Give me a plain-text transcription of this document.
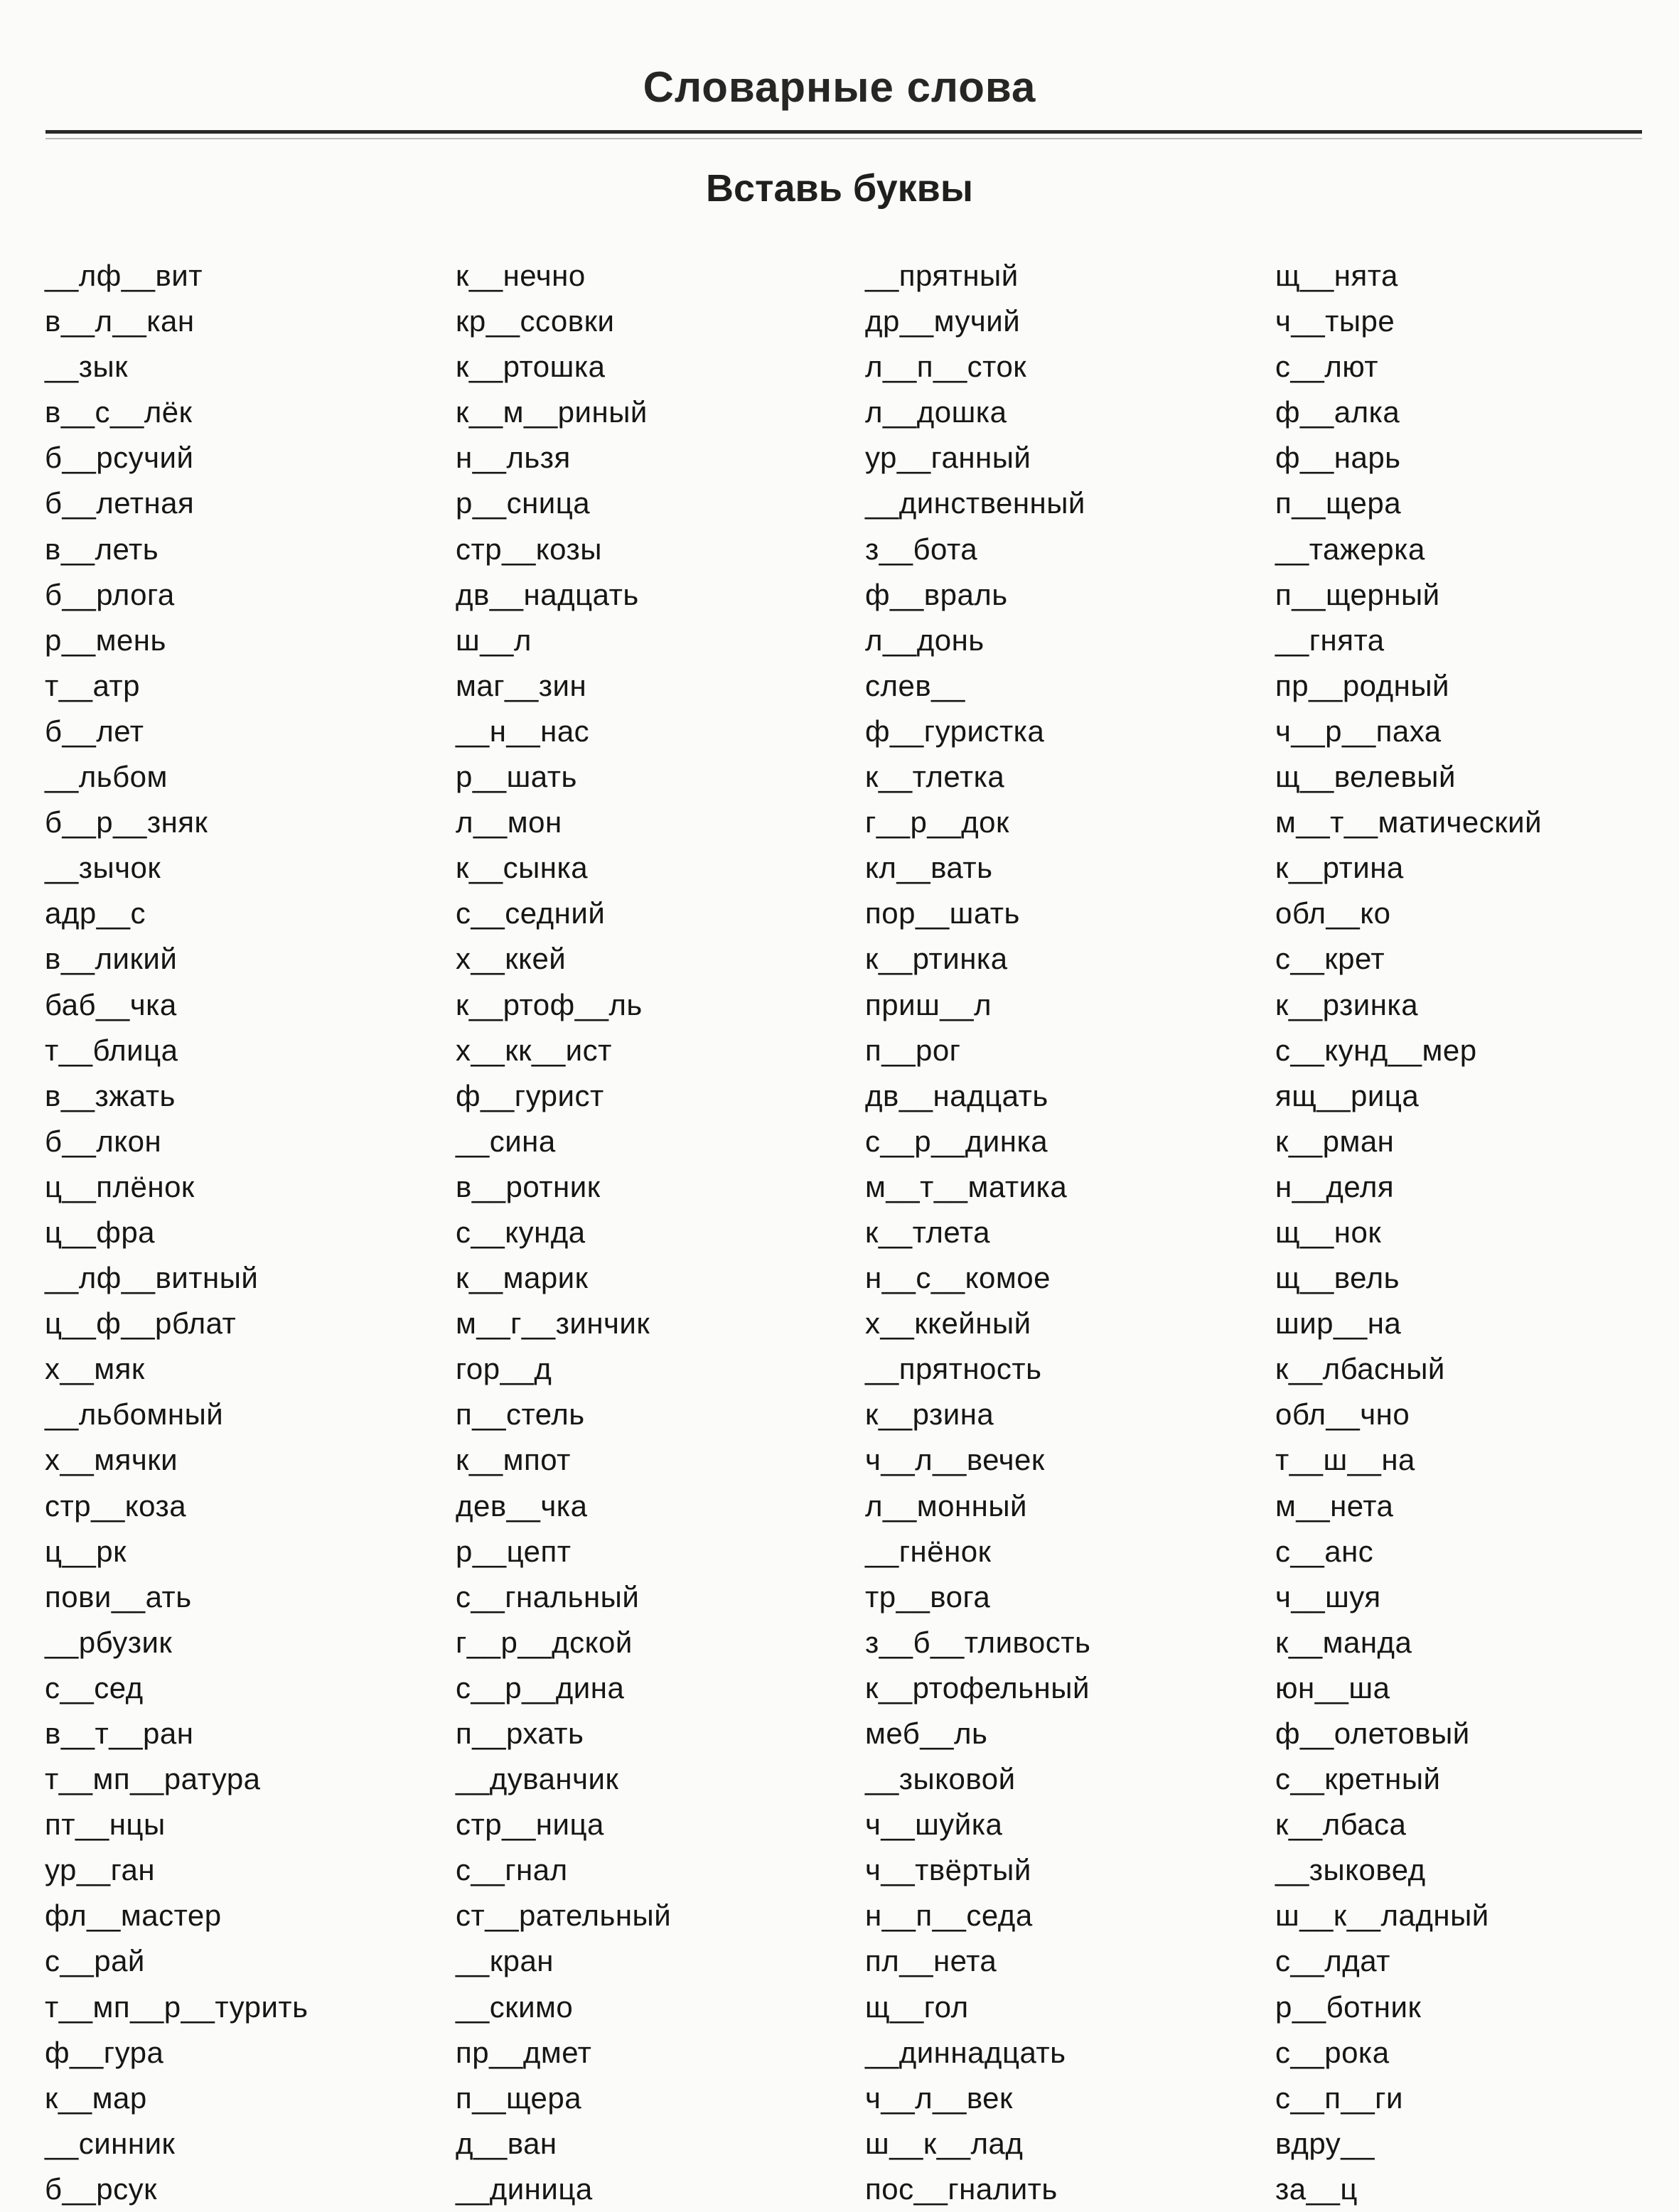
Словарные слова
Вставь буквы
__лф__вит
в__л__кан
__зык
в__с__лёк
б__рсучий
б__летная
в__леть
б__рлога
р__мень
т__атр
б__лет
__льбом
б__р__зняк
__зычок
адр__с
в__ликий
баб__чка
т__блица
в__зжать
б__лкон
ц__плёнок
ц__фра
__лф__витный
ц__ф__рблат
х__мяк
__льбомный
х__мячки
стр__коза
ц__рк
пови__ать
__рбузик
с__сед
в__т__ран
т__мп__ратура
пт__нцы
ур__ган
фл__мастер
с__рай
т__мп__р__турить
ф__гура
к__мар
__синник
б__рсук
к__нечно
кр__ссовки
к__ртошка
к__м__риный
н__льзя
р__сница
стр__козы
дв__надцать
ш__л
маг__зин
__н__нас
р__шать
л__мон
к__сынка
с__седний
х__ккей
к__ртоф__ль
х__кк__ист
ф__гурист
__сина
в__ротник
с__кунда
к__марик
м__г__зинчик
гор__д
п__стель
к__мпот
дев__чка
р__цепт
с__гнальный
г__р__дской
с__р__дина
п__рхать
__дуванчик
стр__ница
с__гнал
ст__рательный
__кран
__скимо
пр__дмет
п__щера
д__ван
__диница
__прятный
др__мучий
л__п__сток
л__дошка
ур__ганный
__динственный
з__бота
ф__враль
л__донь
слев__
ф__гуристка
к__тлетка
г__р__док
кл__вать
пор__шать
к__ртинка
приш__л
п__рог
дв__надцать
с__р__динка
м__т__матика
к__тлета
н__с__комое
х__ккейный
__прятность
к__рзина
ч__л__вечек
л__монный
__гнёнок
тр__вога
з__б__тливость
к__ртофельный
меб__ль
__зыковой
ч__шуйка
ч__твёртый
н__п__седа
пл__нета
щ__гол
__диннадцать
ч__л__век
ш__к__лад
пос__гналить
щ__нята
ч__тыре
с__лют
ф__алка
ф__нарь
п__щера
__тажерка
п__щерный
__гнята
пр__родный
ч__р__паха
щ__велевый
м__т__матический
к__ртина
обл__ко
с__крет
к__рзинка
с__кунд__мер
ящ__рица
к__рман
н__деля
щ__нок
щ__вель
шир__на
к__лбасный
обл__чно
т__ш__на
м__нета
с__анс
ч__шуя
к__манда
юн__ша
ф__олетовый
с__кретный
к__лбаса
__зыковед
ш__к__ладный
с__лдат
р__ботник
с__рока
с__п__ги
вдру__
за__ц
